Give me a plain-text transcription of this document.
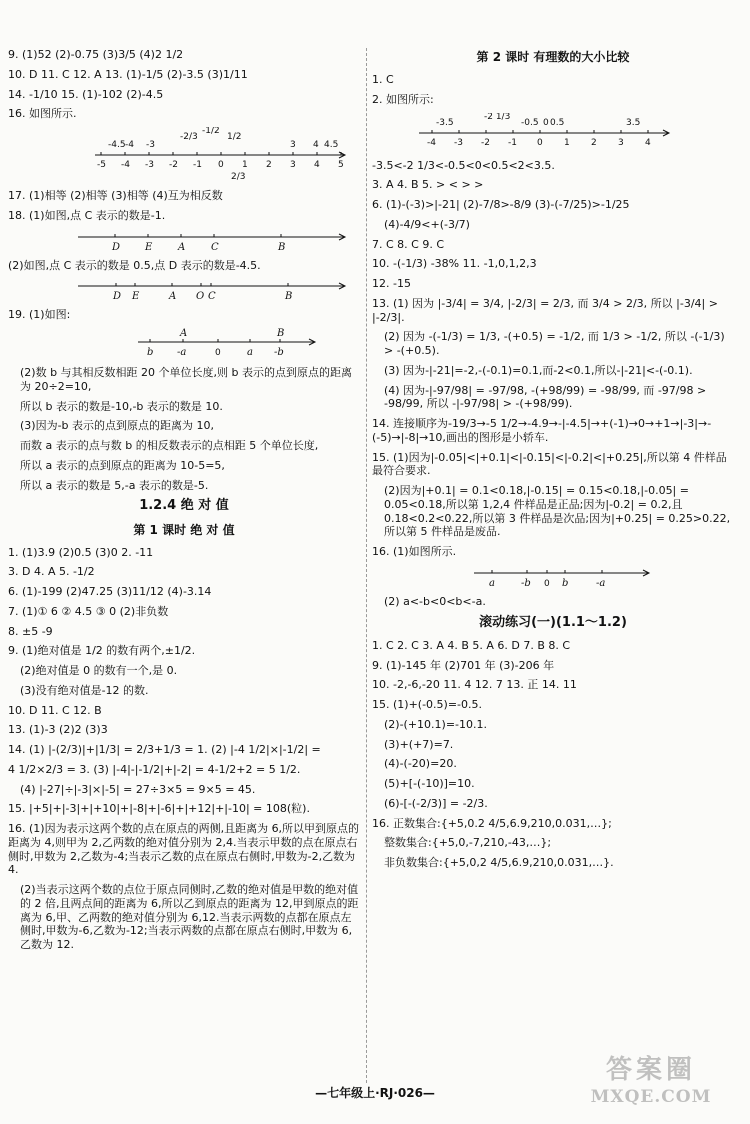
9. (1)52 (2)-0.75 (3)3/5 (4)2 1/2
10. D 11. C 12. A 13. (1)-1/5 (2)-3.5 (3)1/11
14. -1/10 15. (1)-102 (2)-4.5
16. 如图所示.
-5 -4 -3 -2 -1 0 1 2 3 4 5
-4.5 -4 -3
-2/3
-1/2
1/2
3 4 4.5
2/3
17. (1)相等 (2)相等 (3)相等 (4)互为相反数
18. (1)如图,点 C 表示的数是-1.
D E	A	C	B
(2)如图,点 C 表示的数是 0.5,点 D 表示的数是-4.5.
D E	A O C	B
19. (1)如图:
A	B
b -a	0	a -b
(2)数 b 与其相反数相距 20 个单位长度,则 b 表示的点到原点的距离为 20÷2=10,
所以 b 表示的数是-10,-b 表示的数是 10.
(3)因为-b 表示的点到原点的距离为 10,
而数 a 表示的点与数 b 的相反数表示的点相距 5 个单位长度,
所以 a 表示的点到原点的距离为 10-5=5,
所以 a 表示的数是 5,-a 表示的数是-5.
1.2.4 绝 对 值
第 1 课时 绝 对 值
1. (1)3.9 (2)0.5 (3)0 2. -11
3. D 4. A 5. -1/2
6. (1)-199 (2)47.25 (3)11/12 (4)-3.14
7. (1)① 6 ② 4.5 ③ 0 (2)非负数
8. ±5 -9
9. (1)绝对值是 1/2 的数有两个,±1/2.
(2)绝对值是 0 的数有一个,是 0.
(3)没有绝对值是-12 的数.
10. D 11. C 12. B
13. (1)-3 (2)2 (3)3
14. (1) |-(2/3)|+|1/3| = 2/3+1/3 = 1. (2) |-4 1/2|×|-1/2| =
4 1/2×2/3 = 3. (3) |-4|-|-1/2|+|-2| = 4-1/2+2 = 5 1/2.
(4) |-27|÷|-3|×|-5| = 27÷3×5 = 9×5 = 45.
15. |+5|+|-3|+|+10|+|-8|+|-6|+|+12|+|-10| = 108(粒).
16. (1)因为表示这两个数的点在原点的两侧,且距离为 6,所以甲到原点的距离为 4,则甲为 2,乙两数的绝对值分别为 2,4.当表示甲数的点在原点右侧时,甲数为 2,乙数为-4;当表示乙数的点在原点右侧时,甲数为-2,乙数为 4.
(2)当表示这两个数的点位于原点同侧时,乙数的绝对值是甲数的绝对值的 2 倍,且两点间的距离为 6,所以乙到原点的距离为 12,甲到原点的距离为 6,甲、乙两数的绝对值分别为 6,12.当表示两数的点都在原点左侧时,甲数为-6,乙数为-12;当表示两数的点都在原点右侧时,甲数为 6,乙数为 12.
第 2 课时 有理数的大小比较
1. C
2. 如图所示:
-4 -3 -2 -1 0 1 2 3 4
-3.5
-2 1/3
-0.5 0 0.5	3.5
-3.5<-2 1/3<-0.5<0<0.5<2<3.5.
3. A 4. B 5. > < > >
6. (1)-(-3)>|-21| (2)-7/8>-8/9 (3)-(-7/25)>-1/25
(4)-4/9<+(-3/7)
7. C 8. C 9. C
10. -(-1/3) -38% 11. -1,0,1,2,3
12. -15
13. (1) 因为 |-3/4| = 3/4, |-2/3| = 2/3, 而 3/4 > 2/3, 所以 |-3/4| > |-2/3|.
(2) 因为 -(-1/3) = 1/3, -(+0.5) = -1/2, 而 1/3 > -1/2, 所以 -(-1/3) > -(+0.5).
(3) 因为-|-21|=-2,-(-0.1)=0.1,而-2<0.1,所以-|-21|<-(-0.1).
(4) 因为-|-97/98| = -97/98, -(+98/99) = -98/99, 而 -97/98 > -98/99, 所以 -|-97/98| > -(+98/99).
14. 连接顺序为-19/3→-5 1/2→-4.9→-|-4.5|→+(-1)→0→+1→|-3|→-(-5)→|-8|→10,画出的图形是小轿车.
15. (1)因为|-0.05|<|+0.1|<|-0.15|<|-0.2|<|+0.25|,所以第 4 件样品最符合要求.
(2)因为|+0.1| = 0.1<0.18,|-0.15| = 0.15<0.18,|-0.05| = 0.05<0.18,所以第 1,2,4 件样品是正品;因为|-0.2| = 0.2,且 0.18<0.2<0.22,所以第 3 件样品是次品;因为|+0.25| = 0.25>0.22,所以第 5 件样品是废品.
16. (1)如图所示.
a	-b 0 b	-a
(2) a<-b<0<b<-a.
滚动练习(一)(1.1～1.2)
1. C 2. C 3. A 4. B 5. A 6. D 7. B 8. C
9. (1)-145 年 (2)701 年 (3)-206 年
10. -2,-6,-20 11. 4 12. 7 13. 正 14. 11
15. (1)+(-0.5)=-0.5.
(2)-(+10.1)=-10.1.
(3)+(+7)=7.
(4)-(-20)=20.
(5)+[-(-10)]=10.
(6)-[-(-2/3)] = -2/3.
16. 正数集合:{+5,0.2 4/5,6.9,210,0.031,…};
整数集合:{+5,0,-7,210,-43,…};
非负数集合:{+5,0,2 4/5,6.9,210,0.031,…}.
—七年级上·RJ·026—
答案圈
MXQE.COM
